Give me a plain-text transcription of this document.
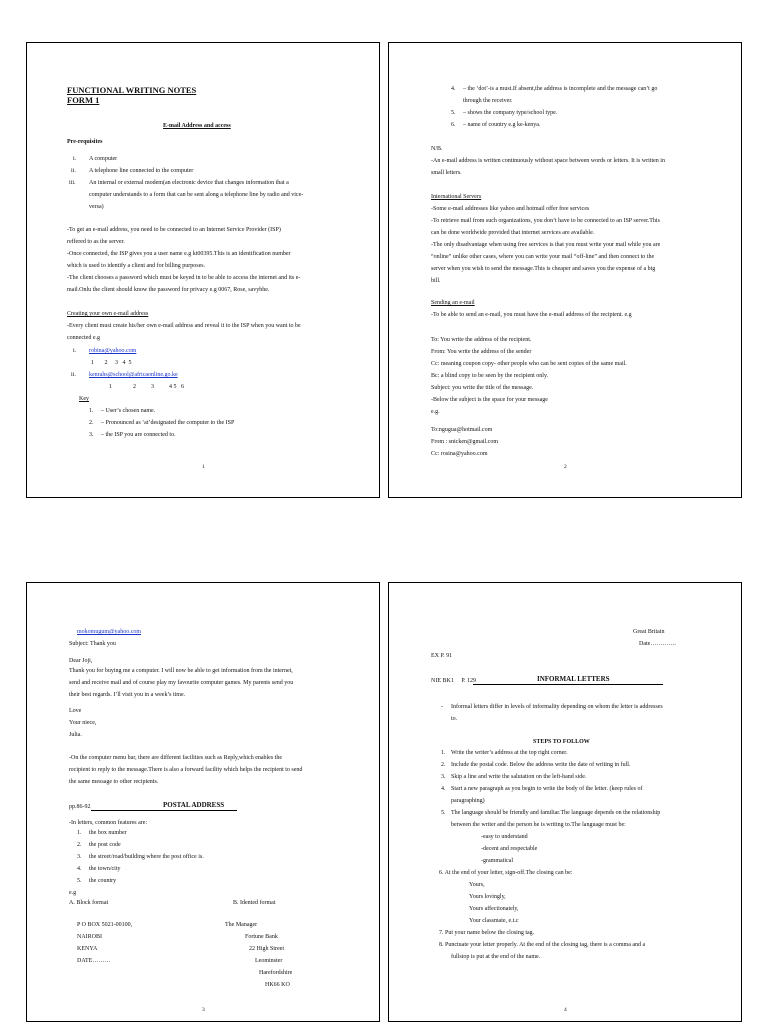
FUNCTIONAL WRITING NOTES
FORM 1
E-mail Address and access
Pre-requisites
i. A computer
ii. A telephone line connected to the computer
iii. An internal or external modem(an electronic device that changes information that a
computer understands to a form that can be sent along a telephone line by radio and vice-
versa)
-To get an e-mail address, you need to be connected to an Internet Service Provider (ISP)
reffered to as the server.
-Once connected, the ISP gives you a user name e.g kt00395.This is an identification number
which is used to identify a client and for billing purposes.
-The client chooses a password which must be keyed in to be able to access the internet and its e-
mail.Onlu the client should know the password for privacy e.g 0067, Rose, savybhe.
Creating your own e-mail address
-Every client must create his/her own e-mail address and reveal it to the ISP when you want to be
connected e.g
i. robina@yahoo.com
1       2     3   4  5
ii. kenrahs@school@africaonline.go.ke
1              2          3          4 5   6
Key
1. – User’s chosen name.
2. – Pronounced as ‘at’designated the computer to the ISP
3. – the ISP you are connected to.
1
4. – the ‘dot’-is a must.If absent,the address is incomplete and the message can’t go
through the receiver.
5. – shows the company type/school type.
6. – name of country e.g ke-kenya.
N/B.
-An e-mail address is written continuously without space between words or letters. It is written in
small letters.
International Servers
-Some e-mail addresses like yahoo and hotmail offer free services
-To retrieve mail from such organizations, you don’t have to be connected to an ISP server.This
can be done worldwide provided that internet services are available.
-The only disadvantage when using free services is that you must write your mail while you are
“online” unlike other cases, where you can write your mail “off-line” and then connect to the
server when you wish to send the message.This is cheaper and saves you the expense of a big
bill.
Sending an e-mail
-To be able to send an e-mail, you must have the e-mail address of the recipient. e.g
To: You write the address of the recipient.
From: You write the address of the sender
Cc: meaning coupon copy- other people who can be sent copies of the same mail.
Bc: a blind copy to be seen by the recipient only.
Subject: you write the title of the message.
-Below the subject is the space for your message
e.g.
To:ngugua@hotmail.com
From : snicken@gmail.com
Cc: rosina@yahoo.com
2
mokomugum@yahoo.com
Subject: Thank you
Dear Joji,
Thank you for buying me a computer. I will now be able to get information from the internet,
send and receive mail and of course play my favourite computer games. My parents send you
their best regards. I’ll visit you in a week’s time.
Love
Your niece,
Julia.
-On the computer menu bar, there are different facilities such as Reply,which enables the
recipient to reply to the message.There is also a forward facility which helps the recipient to send
the same message to other recipients.
pp.86-92	POSTAL ADDRESS
-In letters, common features are:
1. the box number
2. the post code
3. the street/road/building where the post office is.
4. the town/city
5. the country
e.g
A. Block format	B. Idented format
P O BOX 5021-00100,
NAIROBI
KENYA
DATE………
The Manager
Fortune Bank
22 High Street
Leominster
Harefordshire
HK66 KO
3
Great Britain
Date………….
EX P. 91
NIE BK1     P. 129	INFORMAL LETTERS
- Informal letters differ in levels of informality depending on whom the letter is addresses
to.
STEPS TO FOLLOW
1. Write the writer’s address at the top right corner.
2. Include the postal code. Below the address write the date of writing in full.
3. Skip a line and write the salutation on the left-hand side.
4. Start a new paragraph as you begin to write the body of the letter. (keep rules of
paragraphing)
5. The language should be friendly and familiar.The language depends on the relationship
between the writer and the person he is writing to.The language must be:
-easy to understand
-decent and respectable
-grammatical
6. At the end of your letter, sign-off.The closing can be:
Yours,
Yours lovingly,
Yours affectionately,
Your classmate, e.t.c
7. Put your name below the closing tag.
8. Punctuate your letter properly. At the end of the closing tag, there is a comma and a
fullstop is put at the end of the name.
4
